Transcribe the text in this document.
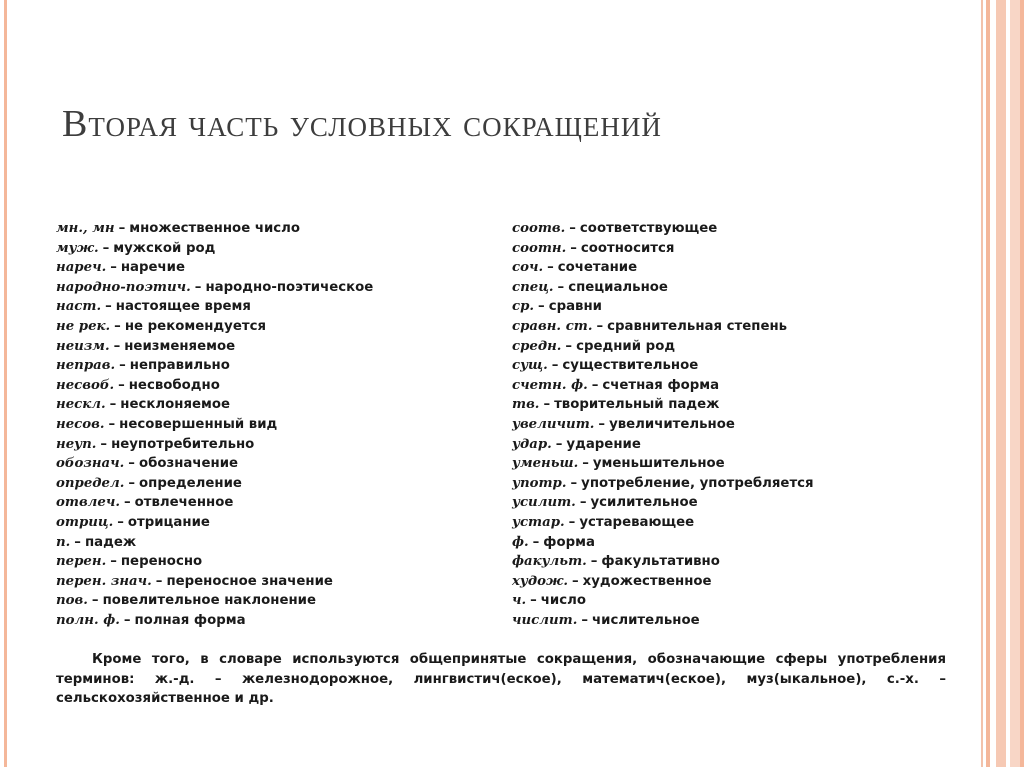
Вторая часть условных сокращений
мн., мн – множественное число
муж. – мужской род
нареч. – наречие
народно-поэтич. – народно-поэтическое
наст. – настоящее время
не рек. – не рекомендуется
неизм. – неизменяемое
неправ. – неправильно
несвоб. – несвободно
нескл. – несклоняемое
несов. – несовершенный вид
неуп. – неупотребительно
обознач. – обозначение
определ. – определение
отвлеч. – отвлеченное
отриц. – отрицание
п. – падеж
перен. – переносно
перен. знач. – переносное значение
пов. – повелительное наклонение
полн. ф. – полная форма
соотв. – соответствующее
соотн. – соотносится
соч. – сочетание
спец. – специальное
ср. – сравни
сравн. ст. – сравнительная степень
средн. – средний род
сущ. – существительное
счетн. ф. – счетная форма
тв. – творительный падеж
увеличит. – увеличительное
удар. – ударение
уменьш. – уменьшительное
употр. – употребление, употребляется
усилит. – усилительное
устар. – устаревающее
ф. – форма
факульт. – факультативно
худож. – художественное
ч. – число
числит. – числительное

Кроме того, в словаре используются общепринятые сокращения, обозначающие сферы употребления терминов: ж.-д. – железнодорожное, лингвистич(еское), математич(еское), муз(ыкальное), с.-х. – сельскохозяйственное и др.
